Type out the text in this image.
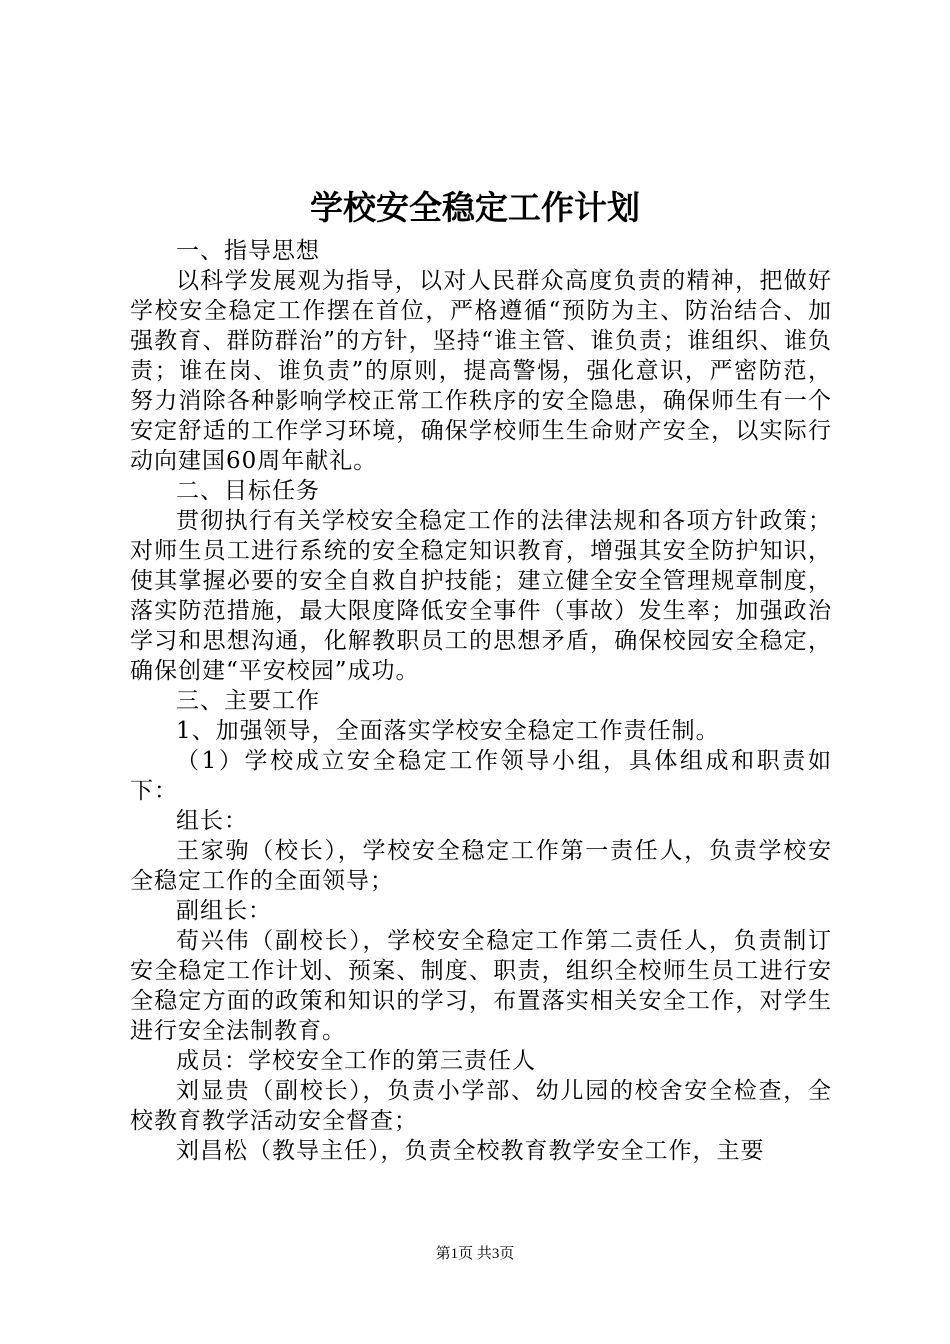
学校安全稳定工作计划

一、指导思想

以科学发展观为指导，以对人民群众高度负责的精神，把做好学校安全稳定工作摆在首位，严格遵循“预防为主、防治结合、加强教育、群防群治”的方针，坚持“谁主管、谁负责；谁组织、谁负责；谁在岗、谁负责”的原则，提高警惕，强化意识，严密防范，努力消除各种影响学校正常工作秩序的安全隐患，确保师生有一个安定舒适的工作学习环境，确保学校师生生命财产安全，以实际行动向建国60周年献礼。

二、目标任务

贯彻执行有关学校安全稳定工作的法律法规和各项方针政策；对师生员工进行系统的安全稳定知识教育，增强其安全防护知识，使其掌握必要的安全自救自护技能；建立健全安全管理规章制度，落实防范措施，最大限度降低安全事件（事故）发生率；加强政治学习和思想沟通，化解教职员工的思想矛盾，确保校园安全稳定，确保创建“平安校园”成功。

三、主要工作

1、加强领导，全面落实学校安全稳定工作责任制。

（1）学校成立安全稳定工作领导小组，具体组成和职责如下：

组长：

王家驹（校长），学校安全稳定工作第一责任人，负责学校安全稳定工作的全面领导；

副组长：

荀兴伟（副校长），学校安全稳定工作第二责任人，负责制订安全稳定工作计划、预案、制度、职责，组织全校师生员工进行安全稳定方面的政策和知识的学习，布置落实相关安全工作，对学生进行安全法制教育。

成员：学校安全工作的第三责任人

刘显贵（副校长），负责小学部、幼儿园的校舍安全检查，全校教育教学活动安全督查；

刘昌松（教导主任），负责全校教育教学安全工作，主要

第1页 共3页
